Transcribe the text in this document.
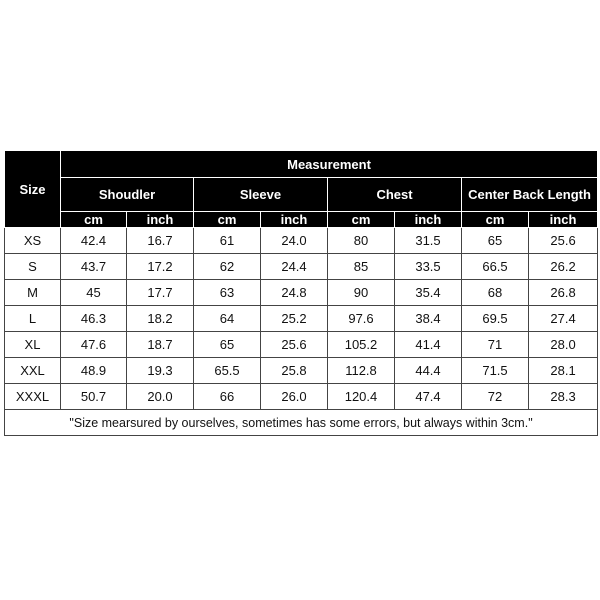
Size	Measurement							
	Shoudler		Sleeve		Chest		Center Back Length	
	cm	inch	cm	inch	cm	inch	cm	inch
XS	42.4	16.7	61	24.0	80	31.5	65	25.6
S	43.7	17.2	62	24.4	85	33.5	66.5	26.2
M	45	17.7	63	24.8	90	35.4	68	26.8
L	46.3	18.2	64	25.2	97.6	38.4	69.5	27.4
XL	47.6	18.7	65	25.6	105.2	41.4	71	28.0
XXL	48.9	19.3	65.5	25.8	112.8	44.4	71.5	28.1
XXXL	50.7	20.0	66	26.0	120.4	47.4	72	28.3
"Size mearsured by ourselves, sometimes has some errors, but always within 3cm."								
